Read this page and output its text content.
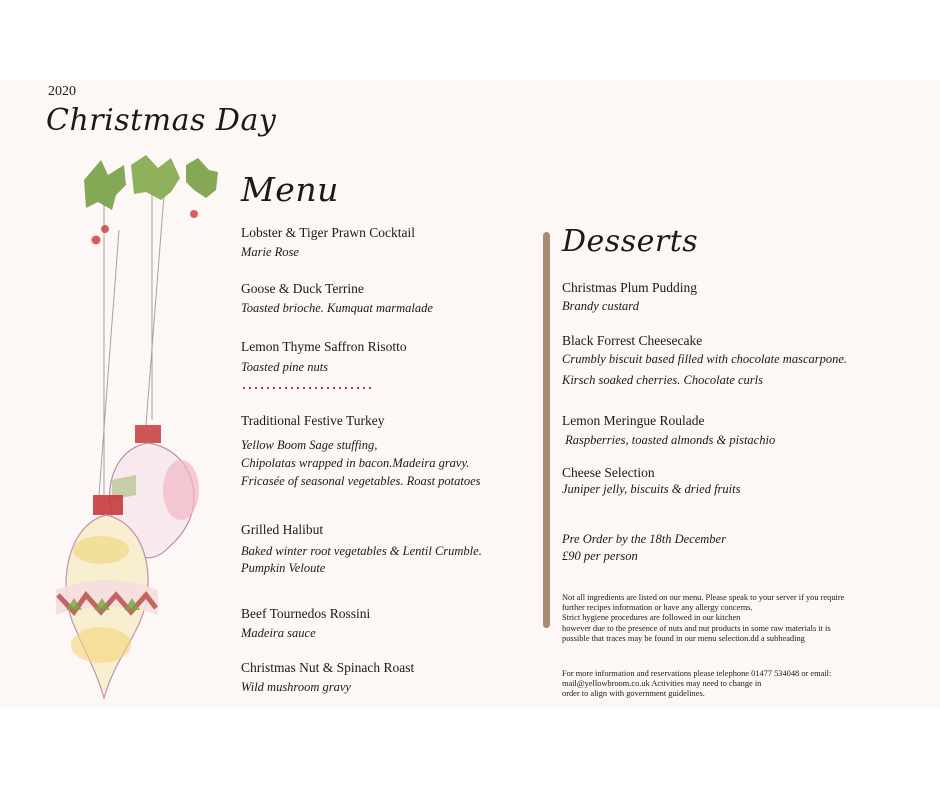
2020
Christmas Day
Menu
Lobster & Tiger Prawn Cocktail
Marie Rose
Goose & Duck Terrine
Toasted brioche. Kumquat marmalade
Lemon Thyme Saffron Risotto
Toasted pine nuts
Traditional Festive Turkey
Yellow Boom Sage stuffing,
Chipolatas wrapped in bacon.Madeira gravy.
Fricasée of seasonal vegetables. Roast potatoes
Grilled Halibut
Baked winter root vegetables & Lentil Crumble.
Pumpkin Veloute
Beef Tournedos Rossini
Madeira sauce
Christmas Nut & Spinach Roast
Wild mushroom gravy
Desserts
Christmas Plum Pudding
Brandy custard
Black Forrest Cheesecake
Crumbly biscuit based filled with chocolate mascarpone.
Kirsch soaked cherries. Chocolate curls
Lemon Meringue Roulade
Raspberries, toasted almonds & pistachio
Cheese Selection
Juniper jelly, biscuits & dried fruits
Pre Order by the 18th December
£90 per person
Not all ingredients are listed on our menu. Please speak to your server if you require
further recipes information or have any allergy concerns.
Strict hygiene procedures are followed in our kitchen
however due to the presence of nuts and nut products in some raw materials it is
possible that traces may be found in our menu selection.dd a subheading
For more information and reservations please telephone 01477 534048 or email:
mail@yellowbroom.co.uk Activities may need to change in
order to align with government guidelines.
